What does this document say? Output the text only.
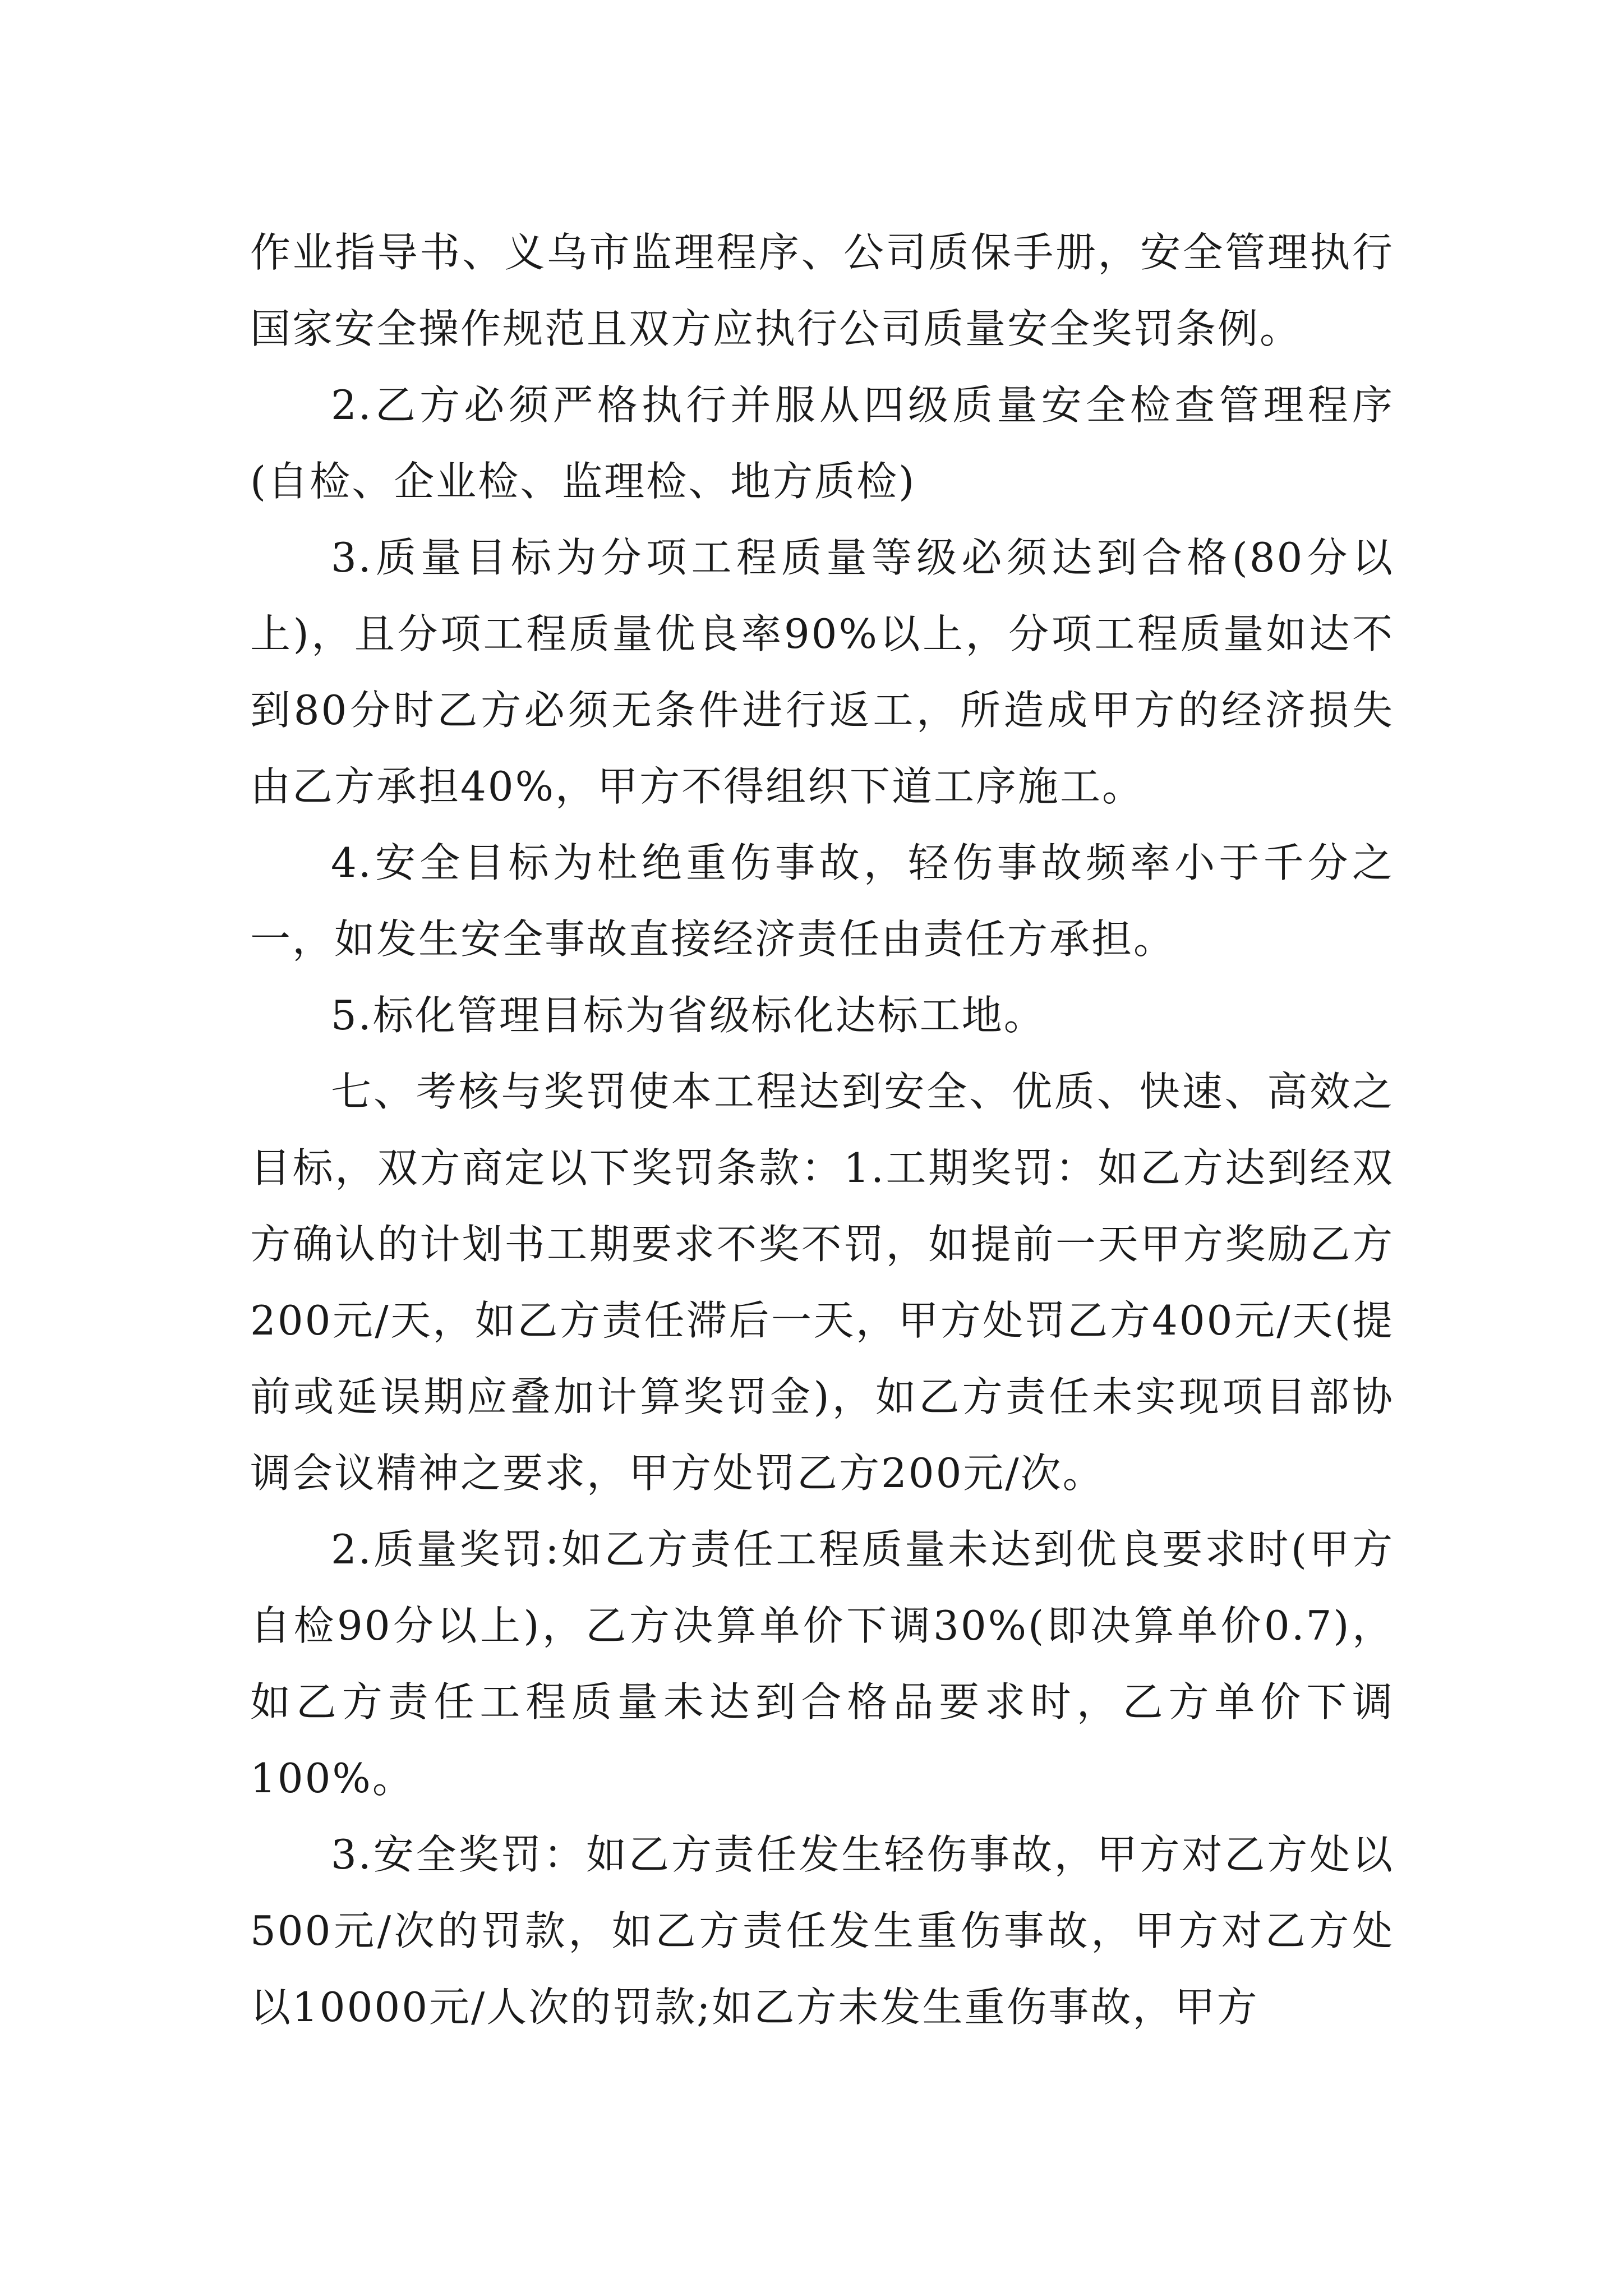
作业指导书、义乌市监理程序、公司质保手册，安全管理执行国家安全操作规范且双方应执行公司质量安全奖罚条例。

2.乙方必须严格执行并服从四级质量安全检查管理程序(自检、企业检、监理检、地方质检)

3.质量目标为分项工程质量等级必须达到合格(80分以上)，且分项工程质量优良率90%以上，分项工程质量如达不到80分时乙方必须无条件进行返工，所造成甲方的经济损失由乙方承担40%，甲方不得组织下道工序施工。

4.安全目标为杜绝重伤事故，轻伤事故频率小于千分之一，如发生安全事故直接经济责任由责任方承担。

5.标化管理目标为省级标化达标工地。

七、考核与奖罚使本工程达到安全、优质、快速、高效之目标，双方商定以下奖罚条款：1.工期奖罚：如乙方达到经双方确认的计划书工期要求不奖不罚，如提前一天甲方奖励乙方200元/天，如乙方责任滞后一天，甲方处罚乙方400元/天(提前或延误期应叠加计算奖罚金)，如乙方责任未实现项目部协调会议精神之要求，甲方处罚乙方200元/次。

2.质量奖罚:如乙方责任工程质量未达到优良要求时(甲方自检90分以上)，乙方决算单价下调30%(即决算单价0.7)，如乙方责任工程质量未达到合格品要求时，乙方单价下调100%。

3.安全奖罚：如乙方责任发生轻伤事故，甲方对乙方处以500元/次的罚款，如乙方责任发生重伤事故，甲方对乙方处以10000元/人次的罚款;如乙方未发生重伤事故，甲方
